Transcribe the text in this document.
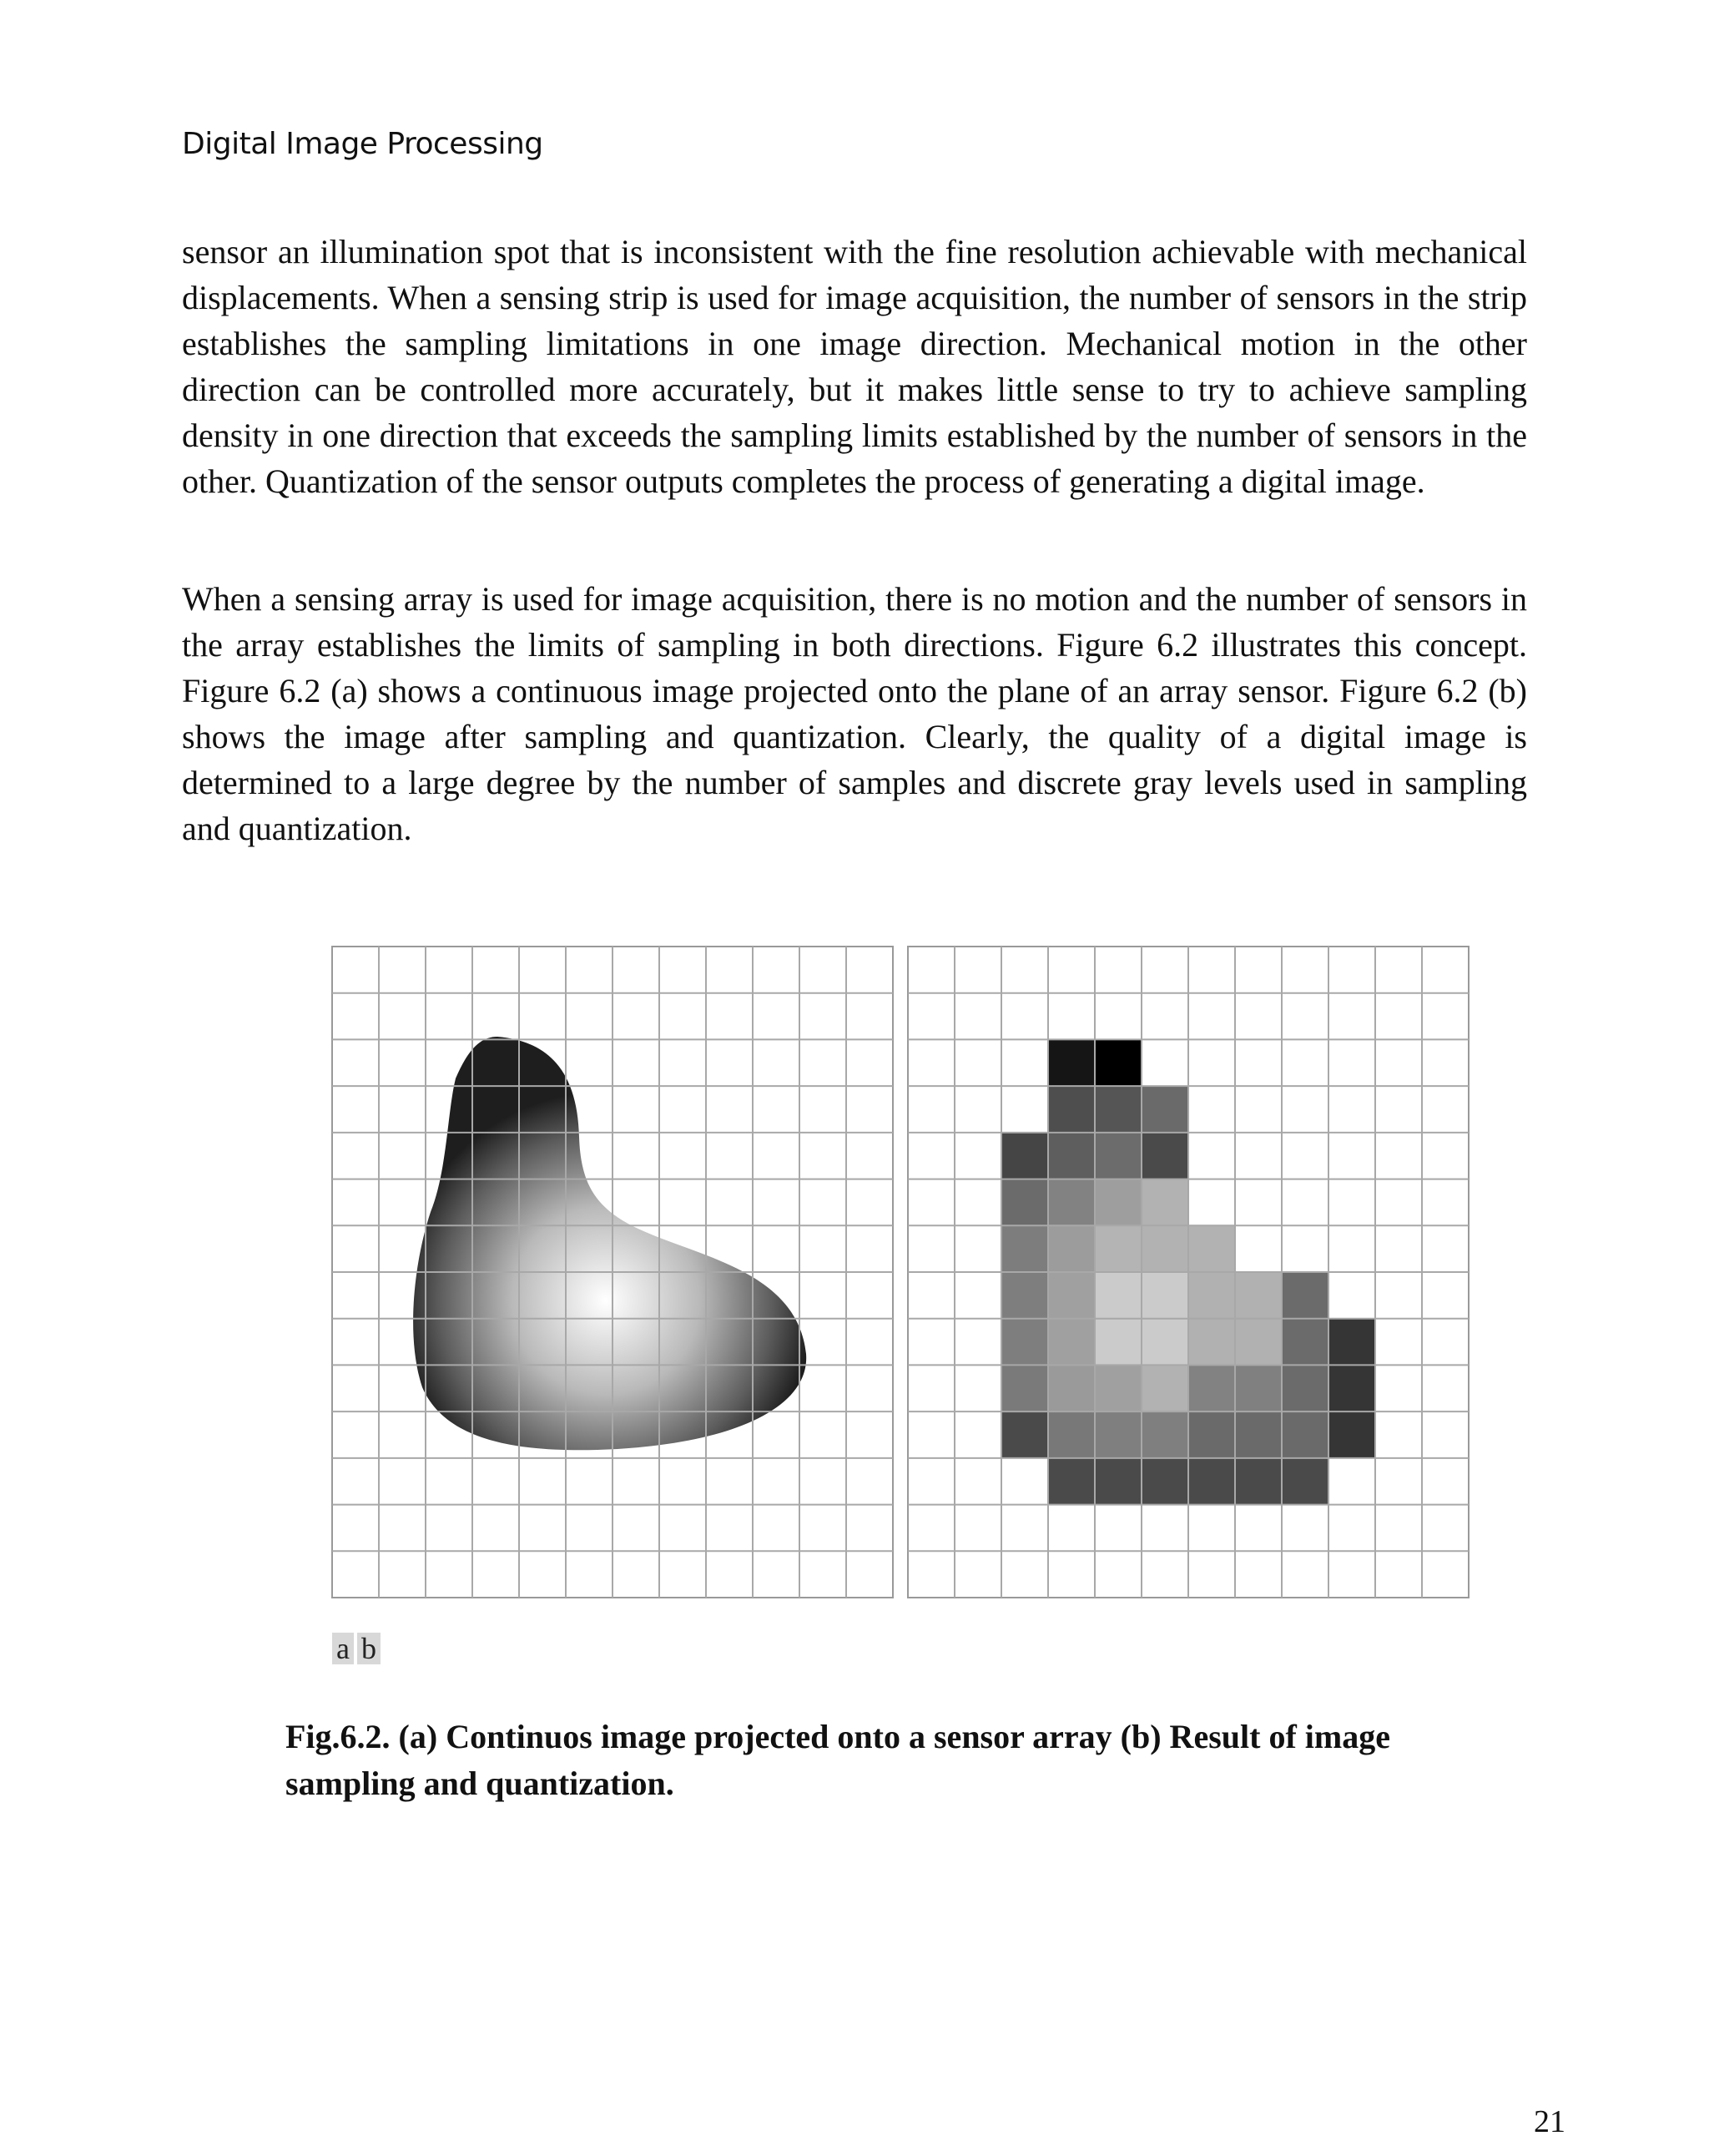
Digital Image Processing

sensor an illumination spot that is inconsistent with the fine resolution achievable with mechanical displacements. When a sensing strip is used for image acquisition, the number of sensors in the strip establishes the sampling limitations in one image direction. Mechanical motion in the other direction can be controlled more accurately, but it makes little sense to try to achieve sampling density in one direction that exceeds the sampling limits established by the number of sensors in the other. Quantization of the sensor outputs completes the process of generating a digital image.

When a sensing array is used for image acquisition, there is no motion and the number of sensors in the array establishes the limits of sampling in both directions. Figure 6.2 illustrates this concept. Figure 6.2 (a) shows a continuous image projected onto the plane of an array sensor. Figure 6.2 (b) shows the image after sampling and quantization. Clearly, the quality of a digital image is determined to a large degree by the number of samples and discrete gray levels used in sampling and quantization.

a b

Fig.6.2. (a) Continuos image projected onto a sensor array (b) Result of image sampling and quantization.

21
